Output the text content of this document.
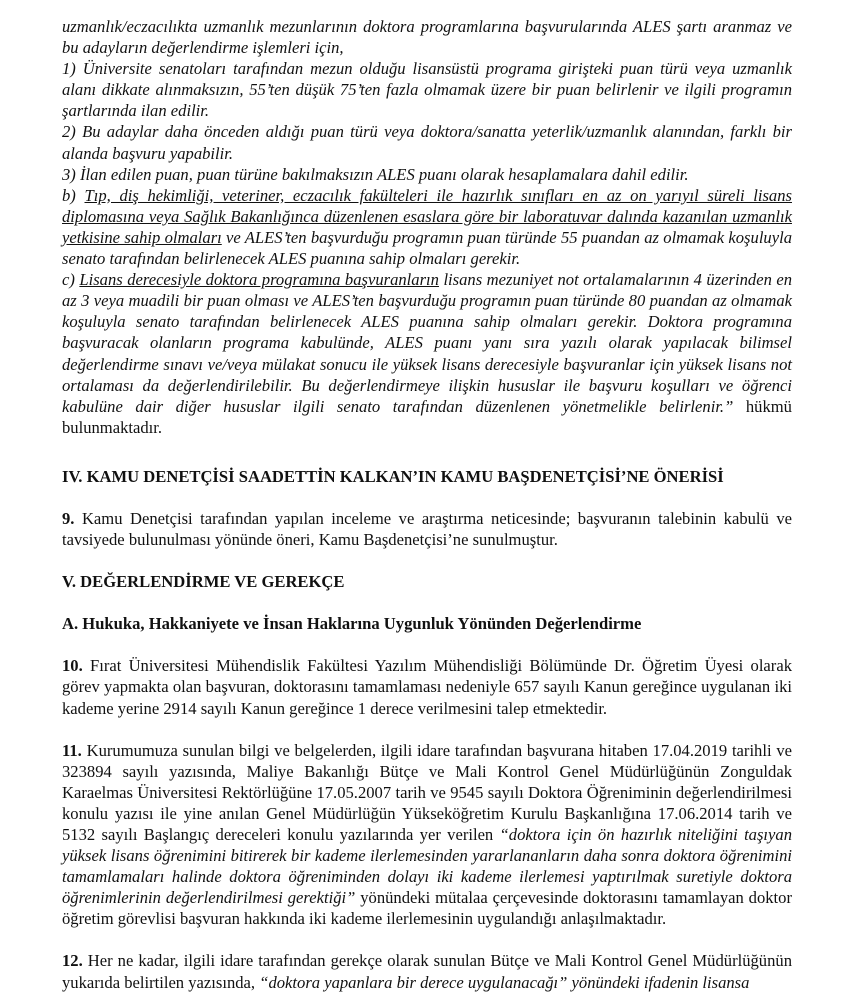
uzmanlık/eczacılıkta uzmanlık mezunlarının doktora programlarına başvurularında ALES şartı aranmaz ve bu adayların değerlendirme işlemleri için,

1) Üniversite senatoları tarafından mezun olduğu lisansüstü programa girişteki puan türü veya uzmanlık alanı dikkate alınmaksızın, 55’ten düşük 75’ten fazla olmamak üzere bir puan belirlenir ve ilgili programın şartlarında ilan edilir.

2) Bu adaylar daha önceden aldığı puan türü veya doktora/sanatta yeterlik/uzmanlık alanından, farklı bir alanda başvuru yapabilir.

3) İlan edilen puan, puan türüne bakılmaksızın ALES puanı olarak hesaplamalara dahil edilir.

b) Tıp, diş hekimliği, veteriner, eczacılık fakülteleri ile hazırlık sınıfları en az on yarıyıl süreli lisans diplomasına veya Sağlık Bakanlığınca düzenlenen esaslara göre bir laboratuvar dalında kazanılan uzmanlık yetkisine sahip olmaları ve ALES’ten başvurduğu programın puan türünde 55 puandan az olmamak koşuluyla senato tarafından belirlenecek ALES puanına sahip olmaları gerekir.

c) Lisans derecesiyle doktora programına başvuranların lisans mezuniyet not ortalamalarının 4 üzerinden en az 3 veya muadili bir puan olması ve ALES’ten başvurduğu programın puan türünde 80 puandan az olmamak koşuluyla senato tarafından belirlenecek ALES puanına sahip olmaları gerekir. Doktora programına başvuracak olanların programa kabulünde, ALES puanı yanı sıra yazılı olarak yapılacak bilimsel değerlendirme sınavı ve/veya mülakat sonucu ile yüksek lisans derecesiyle başvuranlar için yüksek lisans not ortalaması da değerlendirilebilir. Bu değerlendirmeye ilişkin hususlar ile başvuru koşulları ve öğrenci kabulüne dair diğer hususlar ilgili senato tarafından düzenlenen yönetmelikle belirlenir.” hükmü bulunmaktadır.

IV. KAMU DENETÇİSİ SAADETTİN KALKAN’IN KAMU BAŞDENETÇİSİ’NE ÖNERİSİ

9. Kamu Denetçisi tarafından yapılan inceleme ve araştırma neticesinde; başvuranın talebinin kabulü ve tavsiyede bulunulması yönünde öneri, Kamu Başdenetçisi’ne sunulmuştur.

V. DEĞERLENDİRME VE GEREKÇE

A. Hukuka, Hakkaniyete ve İnsan Haklarına Uygunluk Yönünden Değerlendirme

10. Fırat Üniversitesi Mühendislik Fakültesi Yazılım Mühendisliği Bölümünde Dr. Öğretim Üyesi olarak görev yapmakta olan başvuran, doktorasını tamamlaması nedeniyle 657 sayılı Kanun gereğince uygulanan iki kademe yerine 2914 sayılı Kanun gereğince 1 derece verilmesini talep etmektedir.

11. Kurumumuza sunulan bilgi ve belgelerden, ilgili idare tarafından başvurana hitaben 17.04.2019 tarihli ve 323894 sayılı yazısında, Maliye Bakanlığı Bütçe ve Mali Kontrol Genel Müdürlüğünün Zonguldak Karaelmas Üniversitesi Rektörlüğüne 17.05.2007 tarih ve 9545 sayılı Doktora Öğreniminin değerlendirilmesi konulu yazısı ile yine anılan Genel Müdürlüğün Yükseköğretim Kurulu Başkanlığına 17.06.2014 tarih ve 5132 sayılı Başlangıç dereceleri konulu yazılarında yer verilen “doktora için ön hazırlık niteliğini taşıyan yüksek lisans öğrenimini bitirerek bir kademe ilerlemesinden yararlananların daha sonra doktora öğrenimini tamamlamaları halinde doktora öğreniminden dolayı iki kademe ilerlemesi yaptırılmak suretiyle doktora öğrenimlerinin değerlendirilmesi gerektiği” yönündeki mütalaa çerçevesinde doktorasını tamamlayan doktor öğretim görevlisi başvuran hakkında iki kademe ilerlemesinin uygulandığı anlaşılmaktadır.

12. Her ne kadar, ilgili idare tarafından gerekçe olarak sunulan Bütçe ve Mali Kontrol Genel Müdürlüğünün yukarıda belirtilen yazısında, “doktora yapanlara bir derece uygulanacağı” yönündeki ifadenin lisansa
